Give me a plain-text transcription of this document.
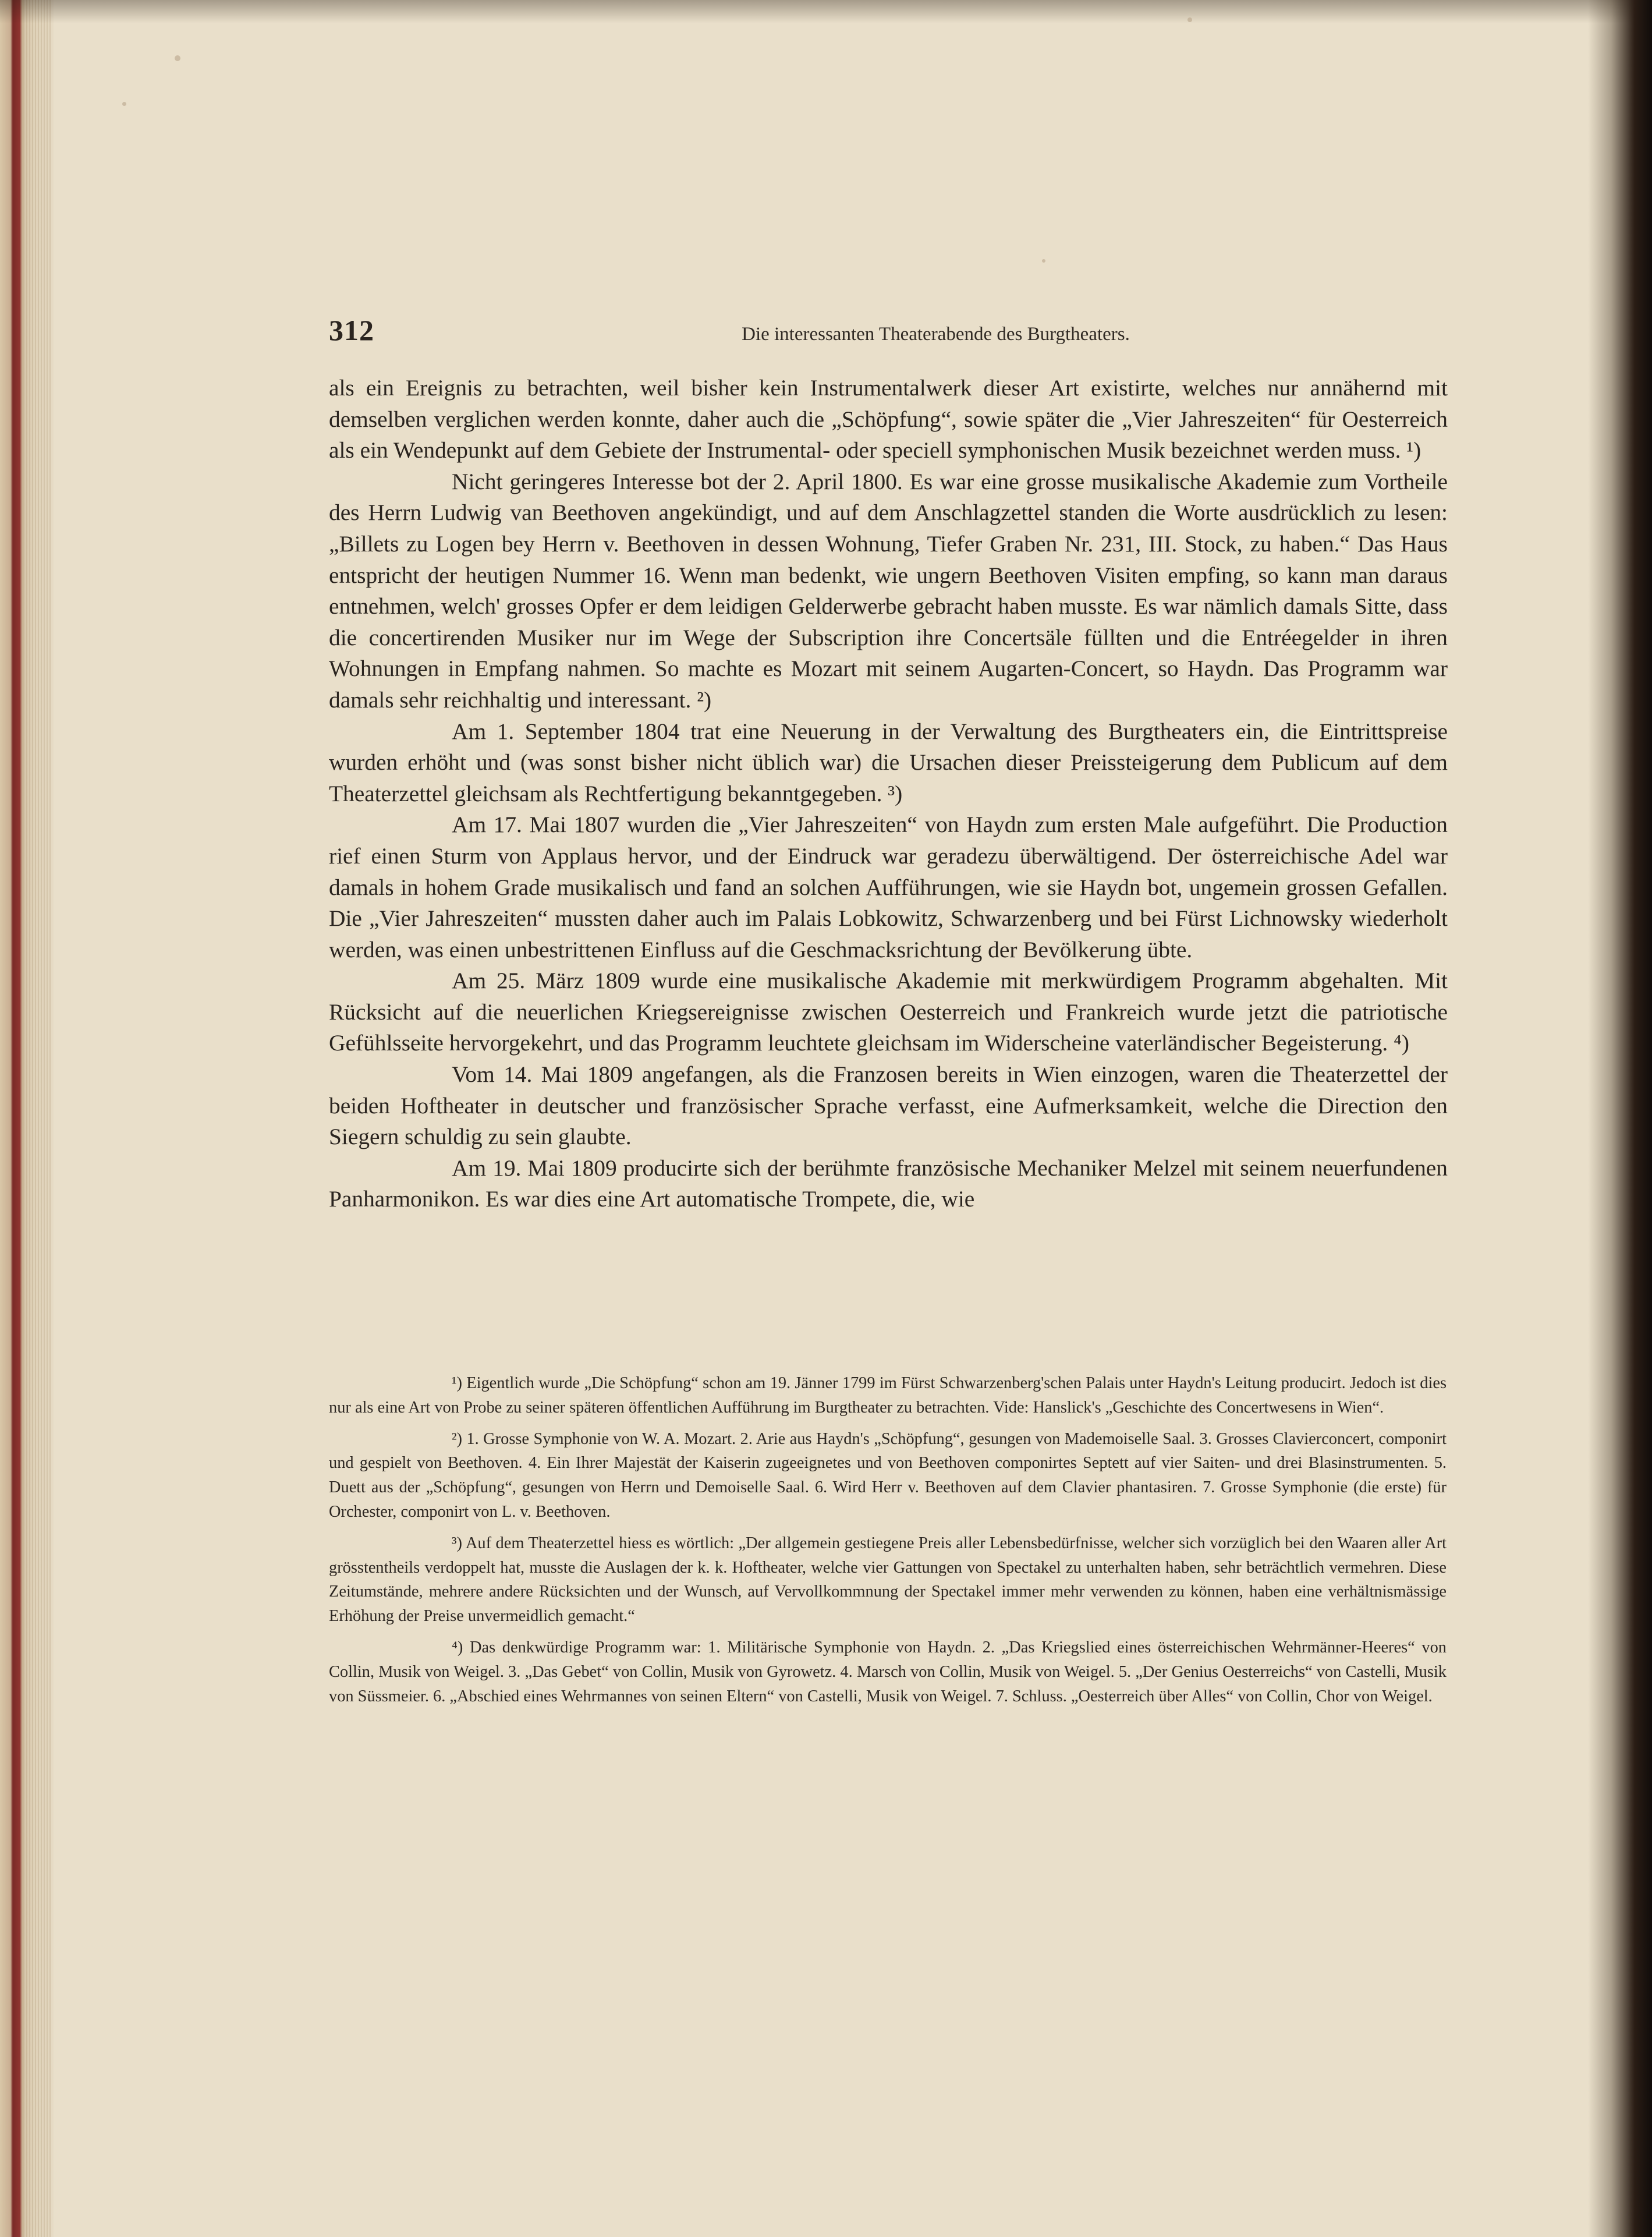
312	Die interessanten Theaterabende des Burgtheaters.

als ein Ereignis zu betrachten, weil bisher kein Instrumentalwerk dieser Art existirte, welches nur annähernd mit demselben verglichen werden konnte, daher auch die „Schöpfung“, sowie später die „Vier Jahreszeiten“ für Oesterreich als ein Wendepunkt auf dem Gebiete der Instrumental- oder speciell symphonischen Musik bezeichnet werden muss. ¹)

Nicht geringeres Interesse bot der 2. April 1800. Es war eine grosse musikalische Akademie zum Vortheile des Herrn Ludwig van Beethoven angekündigt, und auf dem Anschlagzettel standen die Worte ausdrücklich zu lesen: „Billets zu Logen bey Herrn v. Beethoven in dessen Wohnung, Tiefer Graben Nr. 231, III. Stock, zu haben.“ Das Haus entspricht der heutigen Nummer 16. Wenn man bedenkt, wie ungern Beethoven Visiten empfing, so kann man daraus entnehmen, welch' grosses Opfer er dem leidigen Gelderwerbe gebracht haben musste. Es war nämlich damals Sitte, dass die concertirenden Musiker nur im Wege der Subscription ihre Concertsäle füllten und die Entréegelder in ihren Wohnungen in Empfang nahmen. So machte es Mozart mit seinem Augarten-Concert, so Haydn. Das Programm war damals sehr reichhaltig und interessant. ²)

Am 1. September 1804 trat eine Neuerung in der Verwaltung des Burgtheaters ein, die Eintrittspreise wurden erhöht und (was sonst bisher nicht üblich war) die Ursachen dieser Preissteigerung dem Publicum auf dem Theaterzettel gleichsam als Rechtfertigung bekanntgegeben. ³)

Am 17. Mai 1807 wurden die „Vier Jahreszeiten“ von Haydn zum ersten Male aufgeführt. Die Production rief einen Sturm von Applaus hervor, und der Eindruck war geradezu überwältigend. Der österreichische Adel war damals in hohem Grade musikalisch und fand an solchen Aufführungen, wie sie Haydn bot, ungemein grossen Gefallen. Die „Vier Jahreszeiten“ mussten daher auch im Palais Lobkowitz, Schwarzenberg und bei Fürst Lichnowsky wiederholt werden, was einen unbestrittenen Einfluss auf die Geschmacksrichtung der Bevölkerung übte.

Am 25. März 1809 wurde eine musikalische Akademie mit merkwürdigem Programm abgehalten. Mit Rücksicht auf die neuerlichen Kriegsereignisse zwischen Oesterreich und Frankreich wurde jetzt die patriotische Gefühlsseite hervorgekehrt, und das Programm leuchtete gleichsam im Widerscheine vaterländischer Begeisterung. ⁴)

Vom 14. Mai 1809 angefangen, als die Franzosen bereits in Wien einzogen, waren die Theaterzettel der beiden Hoftheater in deutscher und französischer Sprache verfasst, eine Aufmerksamkeit, welche die Direction den Siegern schuldig zu sein glaubte.

Am 19. Mai 1809 producirte sich der berühmte französische Mechaniker Melzel mit seinem neuerfundenen Panharmonikon. Es war dies eine Art automatische Trompete, die, wie

¹) Eigentlich wurde „Die Schöpfung“ schon am 19. Jänner 1799 im Fürst Schwarzenberg'schen Palais unter Haydn's Leitung producirt. Jedoch ist dies nur als eine Art von Probe zu seiner späteren öffentlichen Aufführung im Burgtheater zu betrachten. Vide: Hanslick's „Geschichte des Concertwesens in Wien“.

²) 1. Grosse Symphonie von W. A. Mozart. 2. Arie aus Haydn's „Schöpfung“, gesungen von Mademoiselle Saal. 3. Grosses Clavierconcert, componirt und gespielt von Beethoven. 4. Ein Ihrer Majestät der Kaiserin zugeeignetes und von Beethoven componirtes Septett auf vier Saiten- und drei Blasinstrumenten. 5. Duett aus der „Schöpfung“, gesungen von Herrn und Demoiselle Saal. 6. Wird Herr v. Beethoven auf dem Clavier phantasiren. 7. Grosse Symphonie (die erste) für Orchester, componirt von L. v. Beethoven.

³) Auf dem Theaterzettel hiess es wörtlich: „Der allgemein gestiegene Preis aller Lebensbedürfnisse, welcher sich vorzüglich bei den Waaren aller Art grösstentheils verdoppelt hat, musste die Auslagen der k. k. Hoftheater, welche vier Gattungen von Spectakel zu unterhalten haben, sehr beträchtlich vermehren. Diese Zeitumstände, mehrere andere Rücksichten und der Wunsch, auf Vervollkommnung der Spectakel immer mehr verwenden zu können, haben eine verhältnismässige Erhöhung der Preise unvermeidlich gemacht.“

⁴) Das denkwürdige Programm war: 1. Militärische Symphonie von Haydn. 2. „Das Kriegslied eines österreichischen Wehrmänner-Heeres“ von Collin, Musik von Weigel. 3. „Das Gebet“ von Collin, Musik von Gyrowetz. 4. Marsch von Collin, Musik von Weigel. 5. „Der Genius Oesterreichs“ von Castelli, Musik von Süssmeier. 6. „Abschied eines Wehrmannes von seinen Eltern“ von Castelli, Musik von Weigel. 7. Schluss. „Oesterreich über Alles“ von Collin, Chor von Weigel.
